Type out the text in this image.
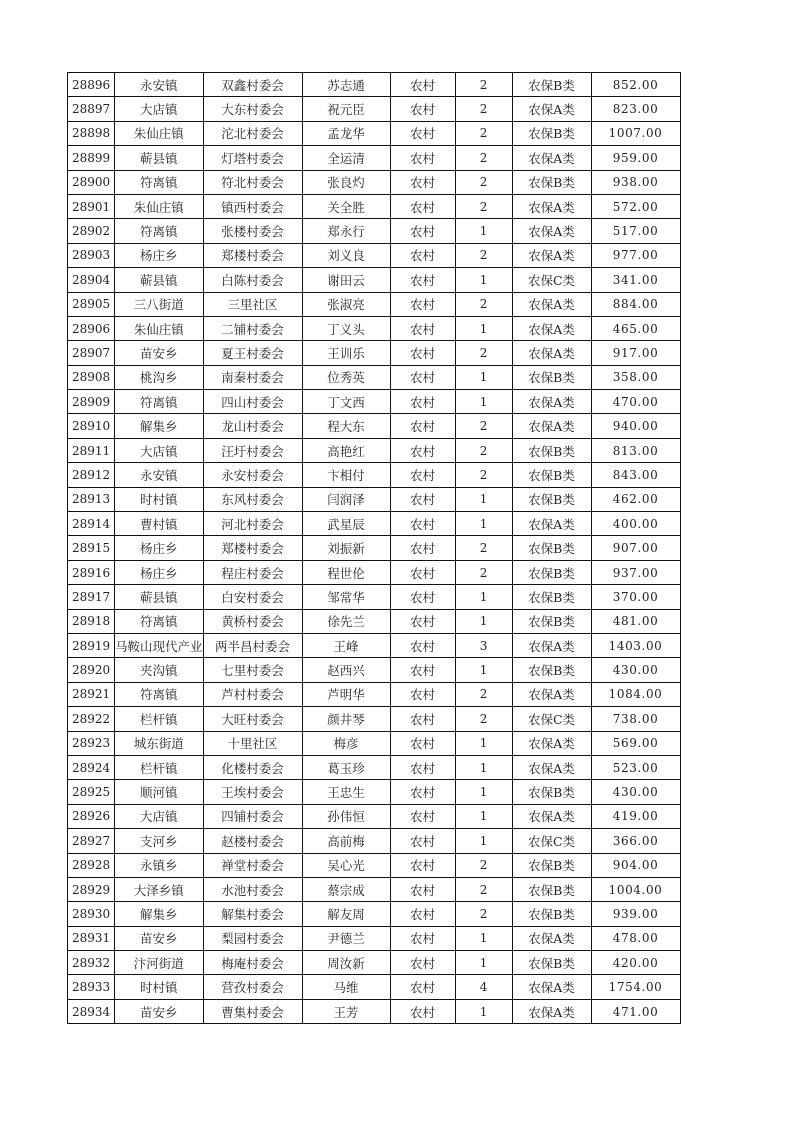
28896	永安镇	双鑫村委会	苏志通	农村	2	农保B类	852.00
28897	大店镇	大东村委会	祝元臣	农村	2	农保A类	823.00
28898	朱仙庄镇	沱北村委会	孟龙华	农村	2	农保B类	1007.00
28899	蕲县镇	灯塔村委会	全运清	农村	2	农保A类	959.00
28900	符离镇	符北村委会	张良灼	农村	2	农保B类	938.00
28901	朱仙庄镇	镇西村委会	关全胜	农村	2	农保A类	572.00
28902	符离镇	张楼村委会	郑永行	农村	1	农保A类	517.00
28903	杨庄乡	郑楼村委会	刘义良	农村	2	农保A类	977.00
28904	蕲县镇	白陈村委会	谢田云	农村	1	农保C类	341.00
28905	三八街道	三里社区	张淑亮	农村	2	农保A类	884.00
28906	朱仙庄镇	二铺村委会	丁义头	农村	1	农保A类	465.00
28907	苗安乡	夏王村委会	王训乐	农村	2	农保A类	917.00
28908	桃沟乡	南秦村委会	位秀英	农村	1	农保B类	358.00
28909	符离镇	四山村委会	丁文西	农村	1	农保A类	470.00
28910	解集乡	龙山村委会	程大东	农村	2	农保A类	940.00
28911	大店镇	汪圩村委会	高艳红	农村	2	农保B类	813.00
28912	永安镇	永安村委会	卞相付	农村	2	农保B类	843.00
28913	时村镇	东风村委会	闫润泽	农村	1	农保B类	462.00
28914	曹村镇	河北村委会	武星辰	农村	1	农保A类	400.00
28915	杨庄乡	郑楼村委会	刘振新	农村	2	农保B类	907.00
28916	杨庄乡	程庄村委会	程世伦	农村	2	农保B类	937.00
28917	蕲县镇	白安村委会	邹常华	农村	1	农保B类	370.00
28918	符离镇	黄桥村委会	徐先兰	农村	1	农保B类	481.00
28919	马鞍山现代产业	两半昌村委会	王峰	农村	3	农保A类	1403.00
28920	夹沟镇	七里村委会	赵西兴	农村	1	农保B类	430.00
28921	符离镇	芦村村委会	芦明华	农村	2	农保A类	1084.00
28922	栏杆镇	大旺村委会	颜井琴	农村	2	农保C类	738.00
28923	城东街道	十里社区	梅彦	农村	1	农保A类	569.00
28924	栏杆镇	化楼村委会	葛玉珍	农村	1	农保A类	523.00
28925	顺河镇	王埃村委会	王忠生	农村	1	农保B类	430.00
28926	大店镇	四铺村委会	孙伟恒	农村	1	农保A类	419.00
28927	支河乡	赵楼村委会	高前梅	农村	1	农保C类	366.00
28928	永镇乡	禅堂村委会	吴心光	农村	2	农保B类	904.00
28929	大泽乡镇	水池村委会	蔡宗成	农村	2	农保B类	1004.00
28930	解集乡	解集村委会	解友周	农村	2	农保B类	939.00
28931	苗安乡	梨园村委会	尹德兰	农村	1	农保A类	478.00
28932	汴河街道	梅庵村委会	周汝新	农村	1	农保B类	420.00
28933	时村镇	营孜村委会	马维	农村	4	农保A类	1754.00
28934	苗安乡	曹集村委会	王芳	农村	1	农保A类	471.00
